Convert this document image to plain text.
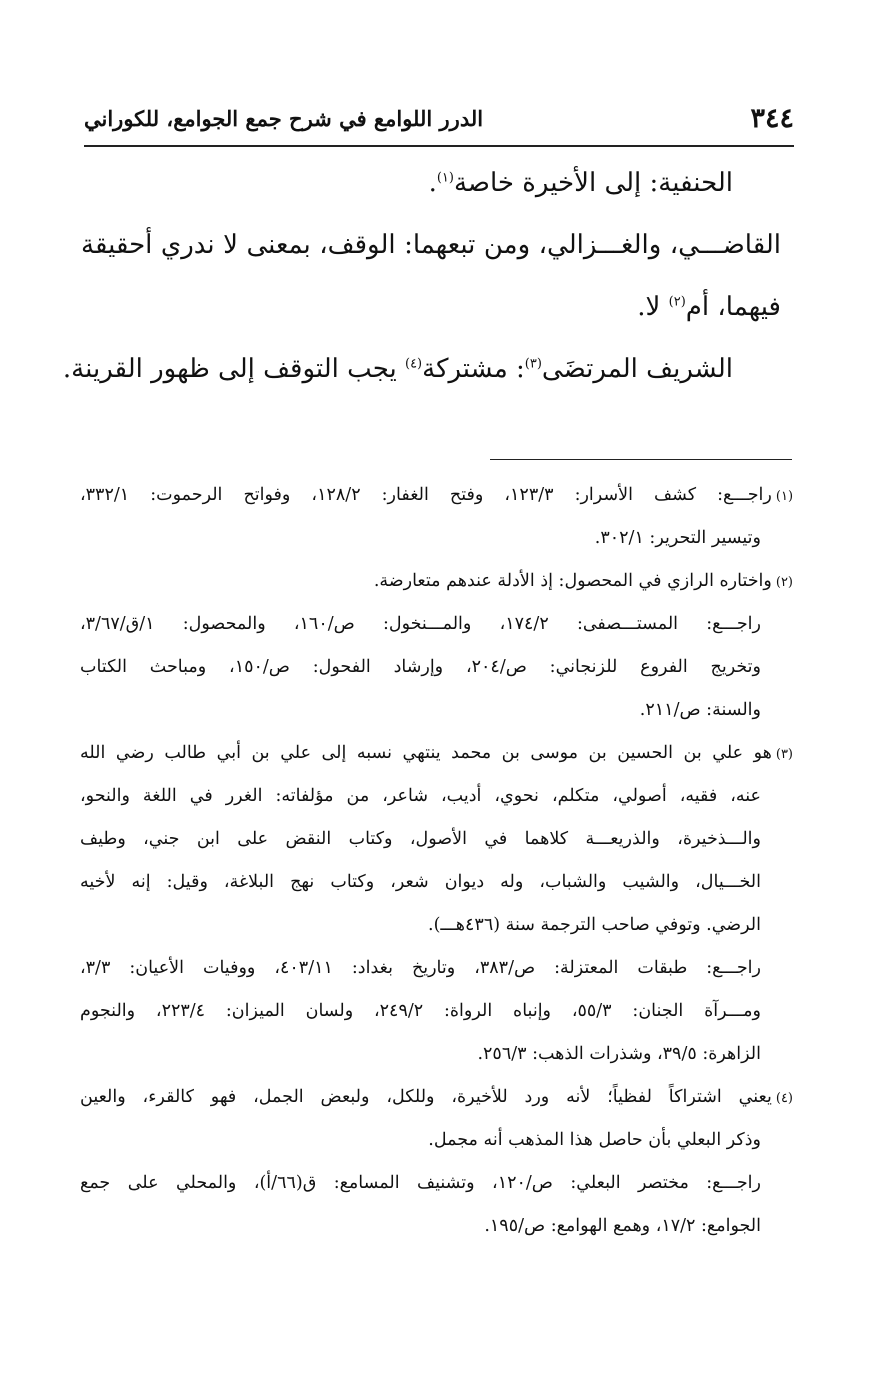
٣٤٤
الدرر اللوامع في شرح جمع الجوامع، للكوراني

الحنفية: إلى الأخيرة خاصة$^{(١)}$.

القاضـــي، والغـــزالي، ومن تبعهما: الوقف، بمعنى لا ندري أحقيقة

فيهما، أم$^{(٢)}$ لا.

الشريف المرتضَى$^{(٣)}$: مشتركة$^{(٤)}$ يجب التوقف إلى ظهور القرينة.

(١)راجـــع: كشف الأسرار: ١٢٣/٣، وفتح الغفار: ١٢٨/٢، وفواتح الرحموت: ٣٣٢/١،
وتيسير التحرير: ٣٠٢/١.
(٢)واختاره الرازي في المحصول: إذ الأدلة عندهم متعارضة.
راجـــع: المستـــصفى: ١٧٤/٢، والمـــنخول: ص/١٦٠، والمحصول: ١/ق/٣/٦٧،
وتخريج الفروع للزنجاني: ص/٢٠٤، وإرشاد الفحول: ص/١٥٠، ومباحث الكتاب
والسنة: ص/٢١١.
(٣)هو علي بن الحسين بن موسى بن محمد ينتهي نسبه إلى علي بن أبي طالب رضي الله
عنه، فقيه، أصولي، متكلم، نحوي، أديب، شاعر، من مؤلفاته: الغرر في اللغة والنحو،
والـــذخيرة، والذريعـــة كلاهما في الأصول، وكتاب النقض على ابن جني، وطيف
الخـــيال، والشيب والشباب، وله ديوان شعر، وكتاب نهج البلاغة، وقيل: إنه لأخيه
الرضي. وتوفي صاحب الترجمة سنة (٤٣٦هـــ).
راجـــع: طبقات المعتزلة: ص/٣٨٣، وتاريخ بغداد: ٤٠٣/١١، ووفيات الأعيان: ٣/٣،
ومـــرآة الجنان: ٥٥/٣، وإنباه الرواة: ٢٤٩/٢، ولسان الميزان: ٢٢٣/٤، والنجوم
الزاهرة: ٣٩/٥، وشذرات الذهب: ٢٥٦/٣.
(٤)يعني اشتراكاً لفظياً؛ لأنه ورد للأخيرة، وللكل، ولبعض الجمل، فهو كالقرء، والعين
وذكر البعلي بأن حاصل هذا المذهب أنه مجمل.
راجـــع: مختصر البعلي: ص/١٢٠، وتشنيف المسامع: ق(٦٦/أ)، والمحلي على جمع
الجوامع: ١٧/٢، وهمع الهوامع: ص/١٩٥.
